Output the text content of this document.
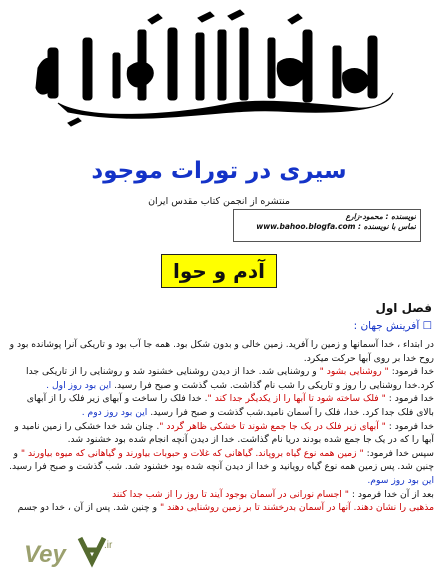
سیری در تورات موجود
منتشره از انجمن کتاب مقدس ایران
نویسنده : محمود-زارع
تماس با نویسنده : www.bahoo.blogfa.com
آدم و حوا
فصل اول
☐ آفرینش جهان :
در ابتداء ، خدا آسمانها و زمین را آفرید. زمین خالی و بدون شکل بود. همه جا آب بود و تاریکی آنرا پوشانده بود و
روح خدا بر روی آبها حرکت میکرد.
خدا فرمود: " روشنایی بشود " و روشنایی شد. خدا از دیدن روشنایی خشنود شد و روشنایی را از تاریکی جدا
کرد.خدا روشنایی را روز و تاریکی را شب نام گذاشت. شب گذشت و صبح فرا رسید. این بود روز اول .
خدا فرمود : " فلک ساخته شود تا آبها را از یکدیگر جدا کند ". خدا فلک را ساخت و آبهای زیر فلک را از آبهای
بالای فلک جدا کرد. خدا، فلک را آسمان نامید.شب گذشت و صبح فرا رسید. این بود روز دوم .
خدا فرمود : " آبهای زیر فلک در یک جا جمع شوند تا خشکی ظاهر گردد ". چنان شد خدا خشکی را زمین نامید و
آبها را که در یک جا جمع شده بودند دریا نام گذاشت. خدا از دیدن آنچه انجام شده بود خشنود شد.
سپس خدا فرمود: " زمین همه نوع گیاه بروپاند. گیاهانی که غلات و حبوبات بیاورند و گیاهانی که میوه بیاورند " و
چنین شد. پس زمین همه نوع گیاه رویانید و خدا از دیدن آنچه شده بود خشنود شد. شب گذشت و صبح فرا رسید.
این بود روز سوم.
بعد از آن خدا فرمود : " اجسام نورانی در آسمان بوجود آیند تا روز را از شب جدا کنند
مذهبی را نشان دهند. آنها در آسمان بدرخشند تا بر زمین روشنایی دهند " و چنین شد. پس از آن ، خدا دو جسم
Vey	.ir
